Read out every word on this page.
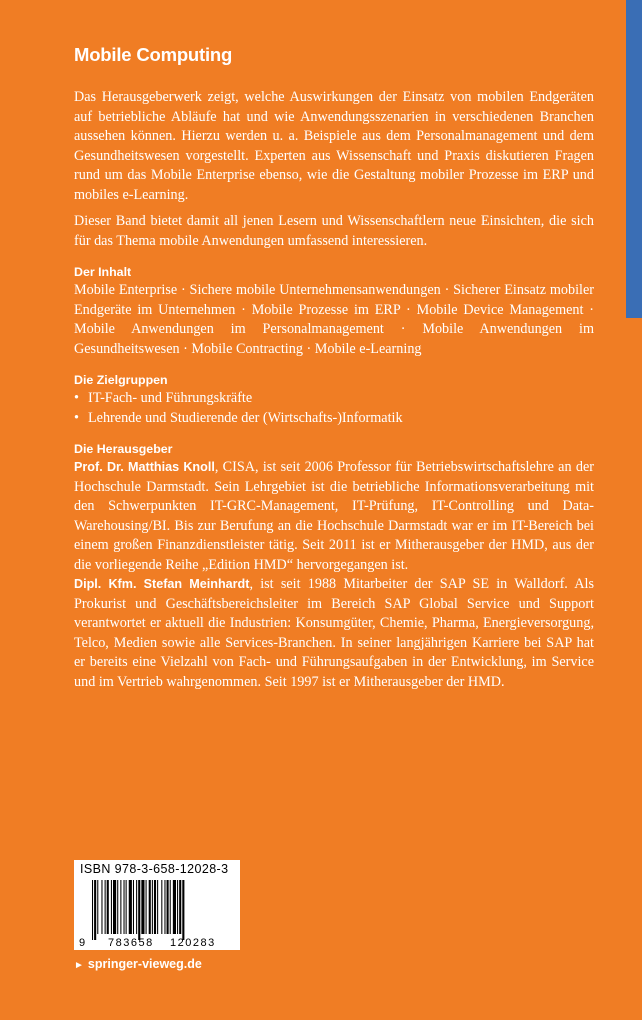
Mobile Computing

Das Herausgeberwerk zeigt, welche Auswirkungen der Einsatz von mobilen Endgeräten auf betriebliche Abläufe hat und wie Anwendungsszenarien in verschiedenen Branchen aussehen können. Hierzu werden u. a. Beispiele aus dem Personalmanagement und dem Gesundheitswesen vorgestellt. Experten aus Wissenschaft und Praxis diskutieren Fragen rund um das Mobile Enterprise ebenso, wie die Gestaltung mobiler Prozesse im ERP und mobiles e-Learning.

Dieser Band bietet damit all jenen Lesern und Wissenschaftlern neue Einsichten, die sich für das Thema mobile Anwendungen umfassend interessieren.

Der Inhalt

Mobile Enterprise · Sichere mobile Unternehmensanwendungen · Sicherer Einsatz mobiler Endgeräte im Unternehmen · Mobile Prozesse im ERP · Mobile Device Management · Mobile Anwendungen im Personalmanagement · Mobile Anwendungen im Gesundheitswesen · Mobile Contracting · Mobile e-Learning

Die Zielgruppen
• IT-Fach- und Führungskräfte
• Lehrende und Studierende der (Wirtschafts-)Informatik
Die Herausgeber

Prof. Dr. Matthias Knoll, CISA, ist seit 2006 Professor für Betriebswirtschaftslehre an der Hochschule Darmstadt. Sein Lehrgebiet ist die betriebliche Informationsverarbeitung mit den Schwerpunkten IT-GRC-Management, IT-Prüfung, IT-Controlling und Data-Warehousing/BI. Bis zur Berufung an die Hochschule Darmstadt war er im IT-Bereich bei einem großen Finanzdienstleister tätig. Seit 2011 ist er Mitherausgeber der HMD, aus der die vorliegende Reihe „Edition HMD“ hervorgegangen ist.

Dipl. Kfm. Stefan Meinhardt, ist seit 1988 Mitarbeiter der SAP SE in Walldorf. Als Prokurist und Geschäftsbereichsleiter im Bereich SAP Global Service und Support verantwortet er aktuell die Industrien: Konsumgüter, Chemie, Pharma, Energieversorgung, Telco, Medien sowie alle Services-Branchen. In seiner langjährigen Karriere bei SAP hat er bereits eine Vielzahl von Fach- und Führungsaufgaben in der Entwicklung, im Service und im Vertrieb wahrgenommen. Seit 1997 ist er Mitherausgeber der HMD.

ISBN 978-3-658-12028-3
9 783658 120283
► springer-vieweg.de
